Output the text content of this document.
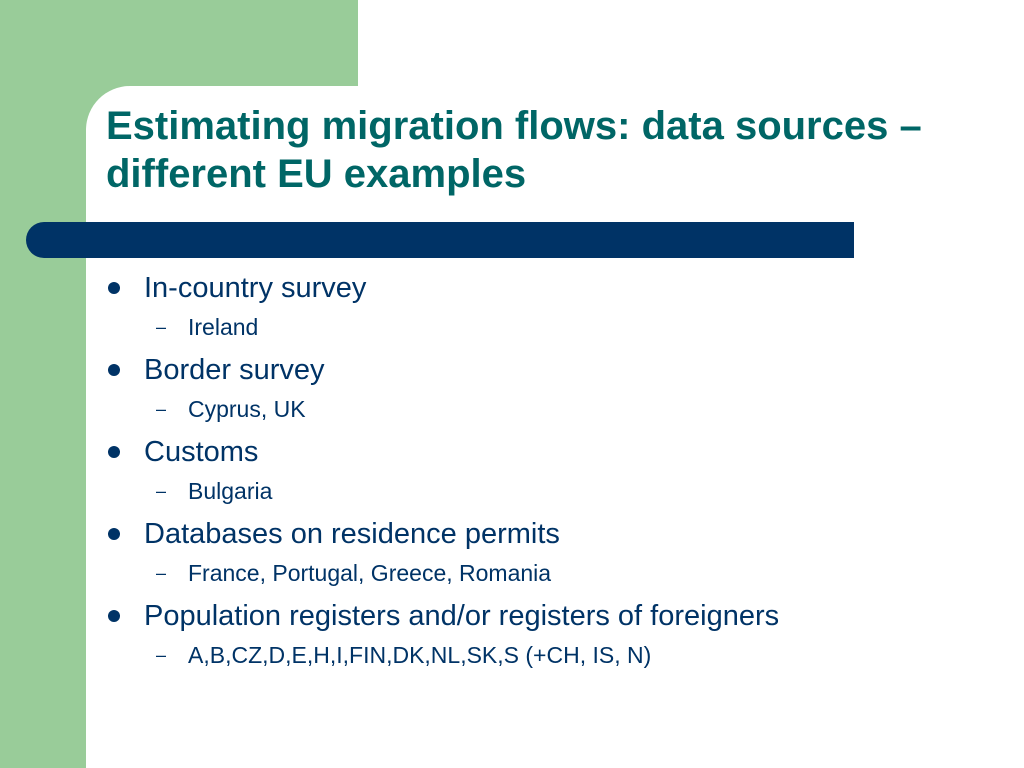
Estimating migration flows: data sources – different EU examples
In-country survey
– Ireland
Border survey
– Cyprus, UK
Customs
– Bulgaria
Databases on residence permits
– France, Portugal, Greece, Romania
Population registers and/or registers of foreigners
– A,B,CZ,D,E,H,I,FIN,DK,NL,SK,S (+CH, IS, N)
